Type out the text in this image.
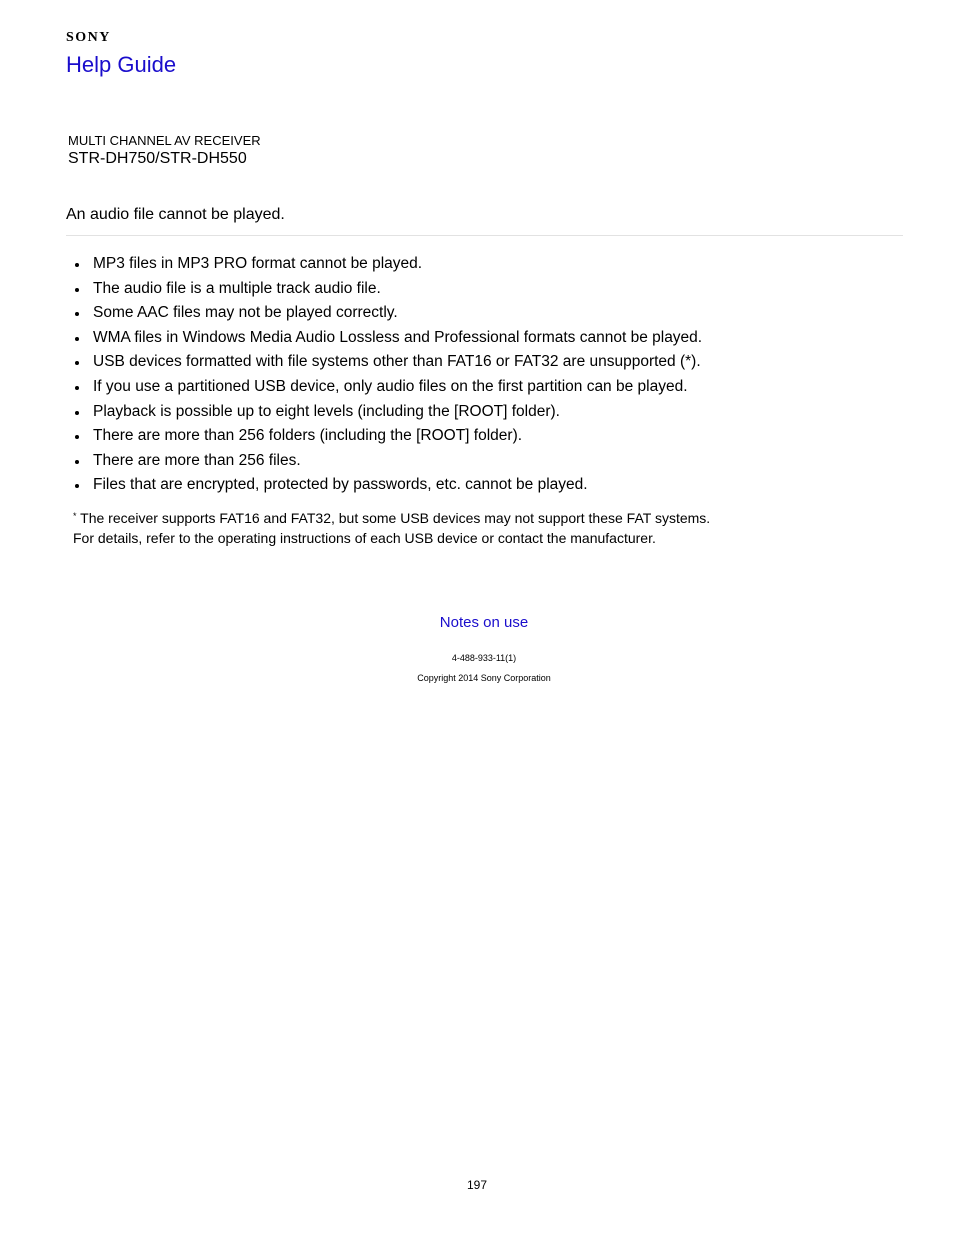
SONY
Help Guide
MULTI CHANNEL AV RECEIVER
STR-DH750/STR-DH550
An audio file cannot be played.
MP3 files in MP3 PRO format cannot be played.
The audio file is a multiple track audio file.
Some AAC files may not be played correctly.
WMA files in Windows Media Audio Lossless and Professional formats cannot be played.
USB devices formatted with file systems other than FAT16 or FAT32 are unsupported (*).
If you use a partitioned USB device, only audio files on the first partition can be played.
Playback is possible up to eight levels (including the [ROOT] folder).
There are more than 256 folders (including the [ROOT] folder).
There are more than 256 files.
Files that are encrypted, protected by passwords, etc. cannot be played.
* The receiver supports FAT16 and FAT32, but some USB devices may not support these FAT systems.
For details, refer to the operating instructions of each USB device or contact the manufacturer.
Notes on use
4-488-933-11(1)
Copyright 2014 Sony Corporation
197
